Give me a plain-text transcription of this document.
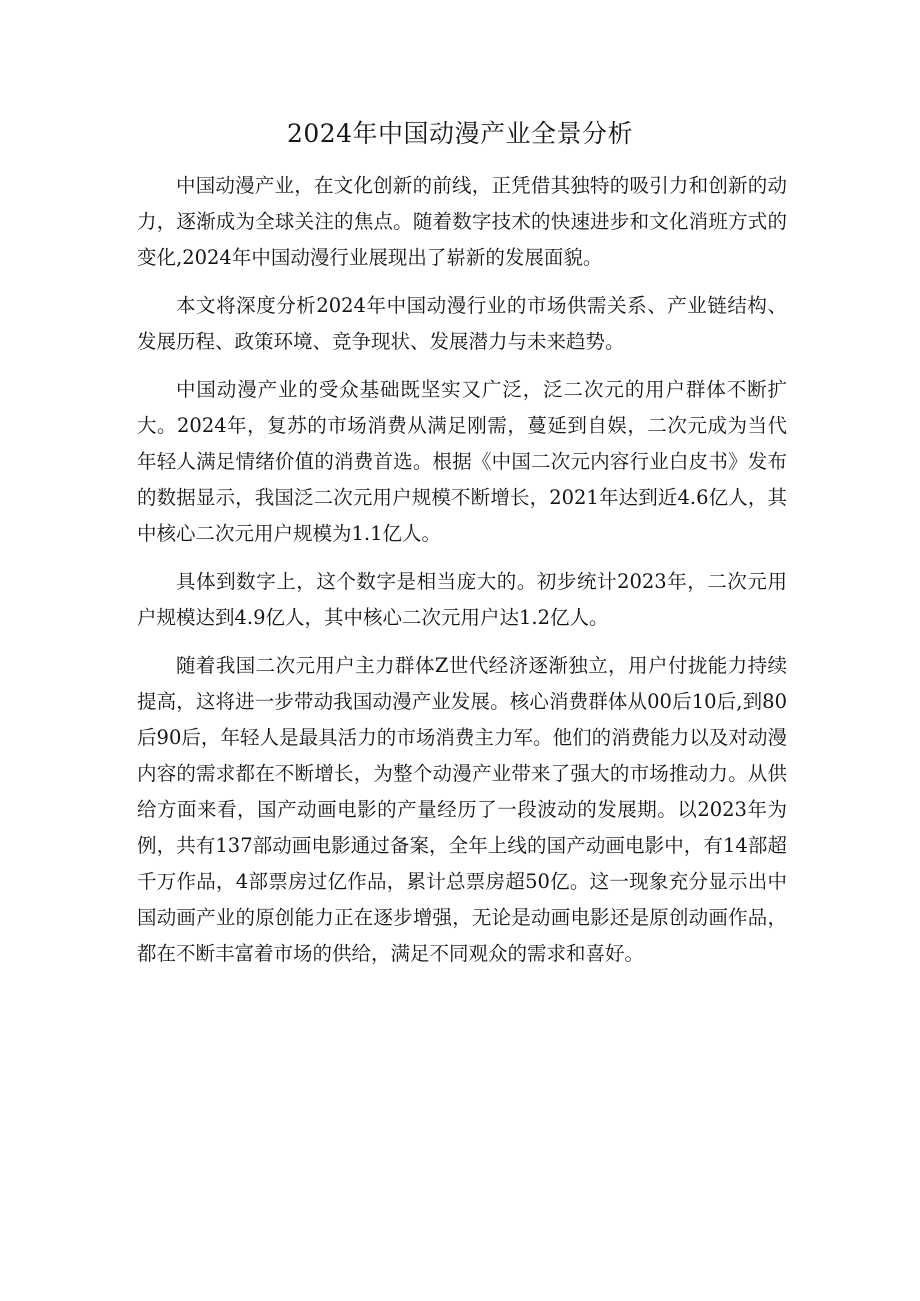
2024年中国动漫产业全景分析

中国动漫产业，在文化创新的前线，正凭借其独特的吸引力和创新的动力，逐渐成为全球关注的焦点。随着数字技术的快速进步和文化消班方式的变化,2024年中国动漫行业展现出了崭新的发展面貌。

本文将深度分析2024年中国动漫行业的市场供需关系、产业链结构、发展历程、政策环境、竞争现状、发展潜力与未来趋势。

中国动漫产业的受众基础既坚实又广泛，泛二次元的用户群体不断扩大。2024年，复苏的市场消费从满足刚需，蔓延到自娱，二次元成为当代年轻人满足情绪价值的消费首选。根据《中国二次元内容行业白皮书》发布的数据显示，我国泛二次元用户规模不断增长，2021年达到近4.6亿人，其中核心二次元用户规模为1.1亿人。

具体到数字上，这个数字是相当庞大的。初步统计2023年，二次元用户规模达到4.9亿人，其中核心二次元用户达1.2亿人。

随着我国二次元用户主力群体Z世代经济逐渐独立，用户付拢能力持续提高，这将进一步带动我国动漫产业发展。核心消费群体从00后10后,到80后90后，年轻人是最具活力的市场消费主力军。他们的消费能力以及对动漫内容的需求都在不断增长，为整个动漫产业带来了强大的市场推动力。从供给方面来看，国产动画电影的产量经历了一段波动的发展期。以2023年为例，共有137部动画电影通过备案，全年上线的国产动画电影中，有14部超千万作品，4部票房过亿作品，累计总票房超50亿。这一现象充分显示出中国动画产业的原创能力正在逐步增强，无论是动画电影还是原创动画作品，都在不断丰富着市场的供给，满足不同观众的需求和喜好。
